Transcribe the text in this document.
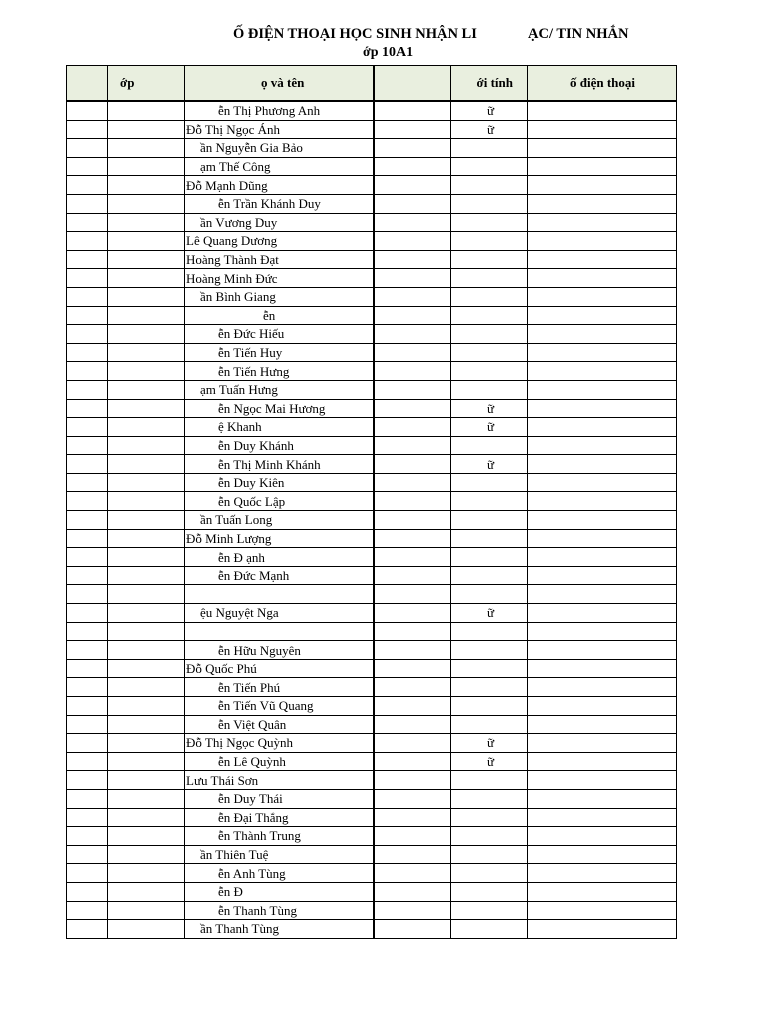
Ố ĐIỆN THOẠI HỌC SINH NHẬN LI	ẠC/ TIN NHẮN
ớp 10A1
	ớp	ọ và tên		ới tính	ố điện thoại
		ễn Thị Phương Anh		ữ	
		Đỗ Thị Ngọc Ánh		ữ	
		ần Nguyễn Gia Bảo			
		ạm Thế Công			
		Đỗ Mạnh Dũng			
		ễn Trần Khánh Duy			
		ần Vương Duy			
		Lê Quang Dương			
		Hoàng Thành Đạt			
		Hoàng Minh Đức			
		ần Bình Giang			
		ễn			
		ễn Đức Hiếu			
		ễn Tiến Huy			
		ễn Tiến Hưng			
		ạm Tuấn Hưng			
		ễn Ngọc Mai Hương		ữ	
		ệ Khanh		ữ	
		ễn Duy Khánh			
		ễn Thị Minh Khánh		ữ	
		ễn Duy Kiên			
		ễn Quốc Lập			
		ần Tuấn Long			
		Đỗ Minh Lượng			
		ễn Đ ạnh			
		ễn Đức Mạnh			

		ệu Nguyệt Nga		ữ	

		ễn Hữu Nguyên			
		Đỗ Quốc Phú			
		ễn Tiến Phú			
		ễn Tiến Vũ Quang			
		ễn Việt Quân			
		Đỗ Thị Ngọc Quỳnh		ữ	
		ễn Lê Quỳnh		ữ	
		Lưu Thái Sơn			
		ễn Duy Thái			
		ễn Đại Thắng			
		ễn Thành Trung			
		ần Thiên Tuệ			
		ễn Anh Tùng			
		ễn Đ			
		ễn Thanh Tùng			
		ần Thanh Tùng			
